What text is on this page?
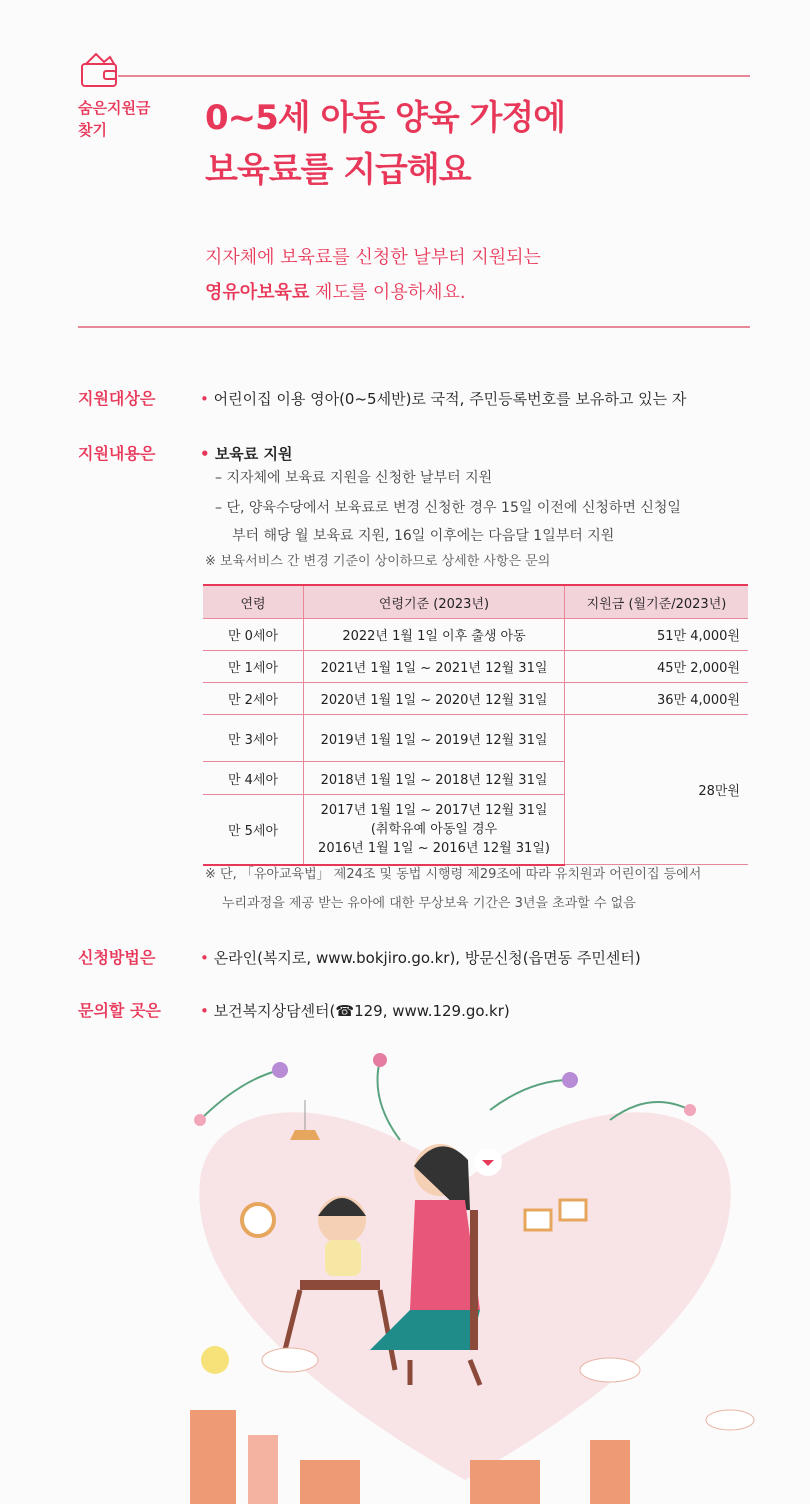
숨은지원금
찾기	0~5세 아동 양육 가정에
보육료를 지급해요
지자체에 보육료를 신청한 날부터 지원되는
영유아보육료 제도를 이용하세요.
지원대상은	• 어린이집 이용 영아(0~5세반)로 국적, 주민등록번호를 보유하고 있는 자
지원내용은	• 보육료 지원
– 지자체에 보육료 지원을 신청한 날부터 지원
– 단, 양육수당에서 보육료로 변경 신청한 경우 15일 이전에 신청하면 신청일
부터 해당 월 보육료 지원, 16일 이후에는 다음달 1일부터 지원
※ 보육서비스 간 변경 기준이 상이하므로 상세한 사항은 문의
연령	연령기준 (2023년)	지원금 (월기준/2023년)
만 0세아	2022년 1월 1일 이후 출생 아동	51만 4,000원
만 1세아	2021년 1월 1일 ~ 2021년 12월 31일	45만 2,000원
만 2세아	2020년 1월 1일 ~ 2020년 12월 31일	36만 4,000원
만 3세아	2019년 1월 1일 ~ 2019년 12월 31일	28만원
만 4세아	2018년 1월 1일 ~ 2018년 12월 31일	
만 5세아	2017년 1월 1일 ~ 2017년 12월 31일
(취학유예 아동일 경우
2016년 1월 1일 ~ 2016년 12월 31일)	
※ 단, 「유아교육법」 제24조 및 동법 시행령 제29조에 따라 유치원과 어린이집 등에서
누리과정을 제공 받는 유아에 대한 무상보육 기간은 3년을 초과할 수 없음
신청방법은	• 온라인(복지로, www.bokjiro.go.kr), 방문신청(읍면동 주민센터)
문의할 곳은	• 보건복지상담센터(☎129, www.129.go.kr)
